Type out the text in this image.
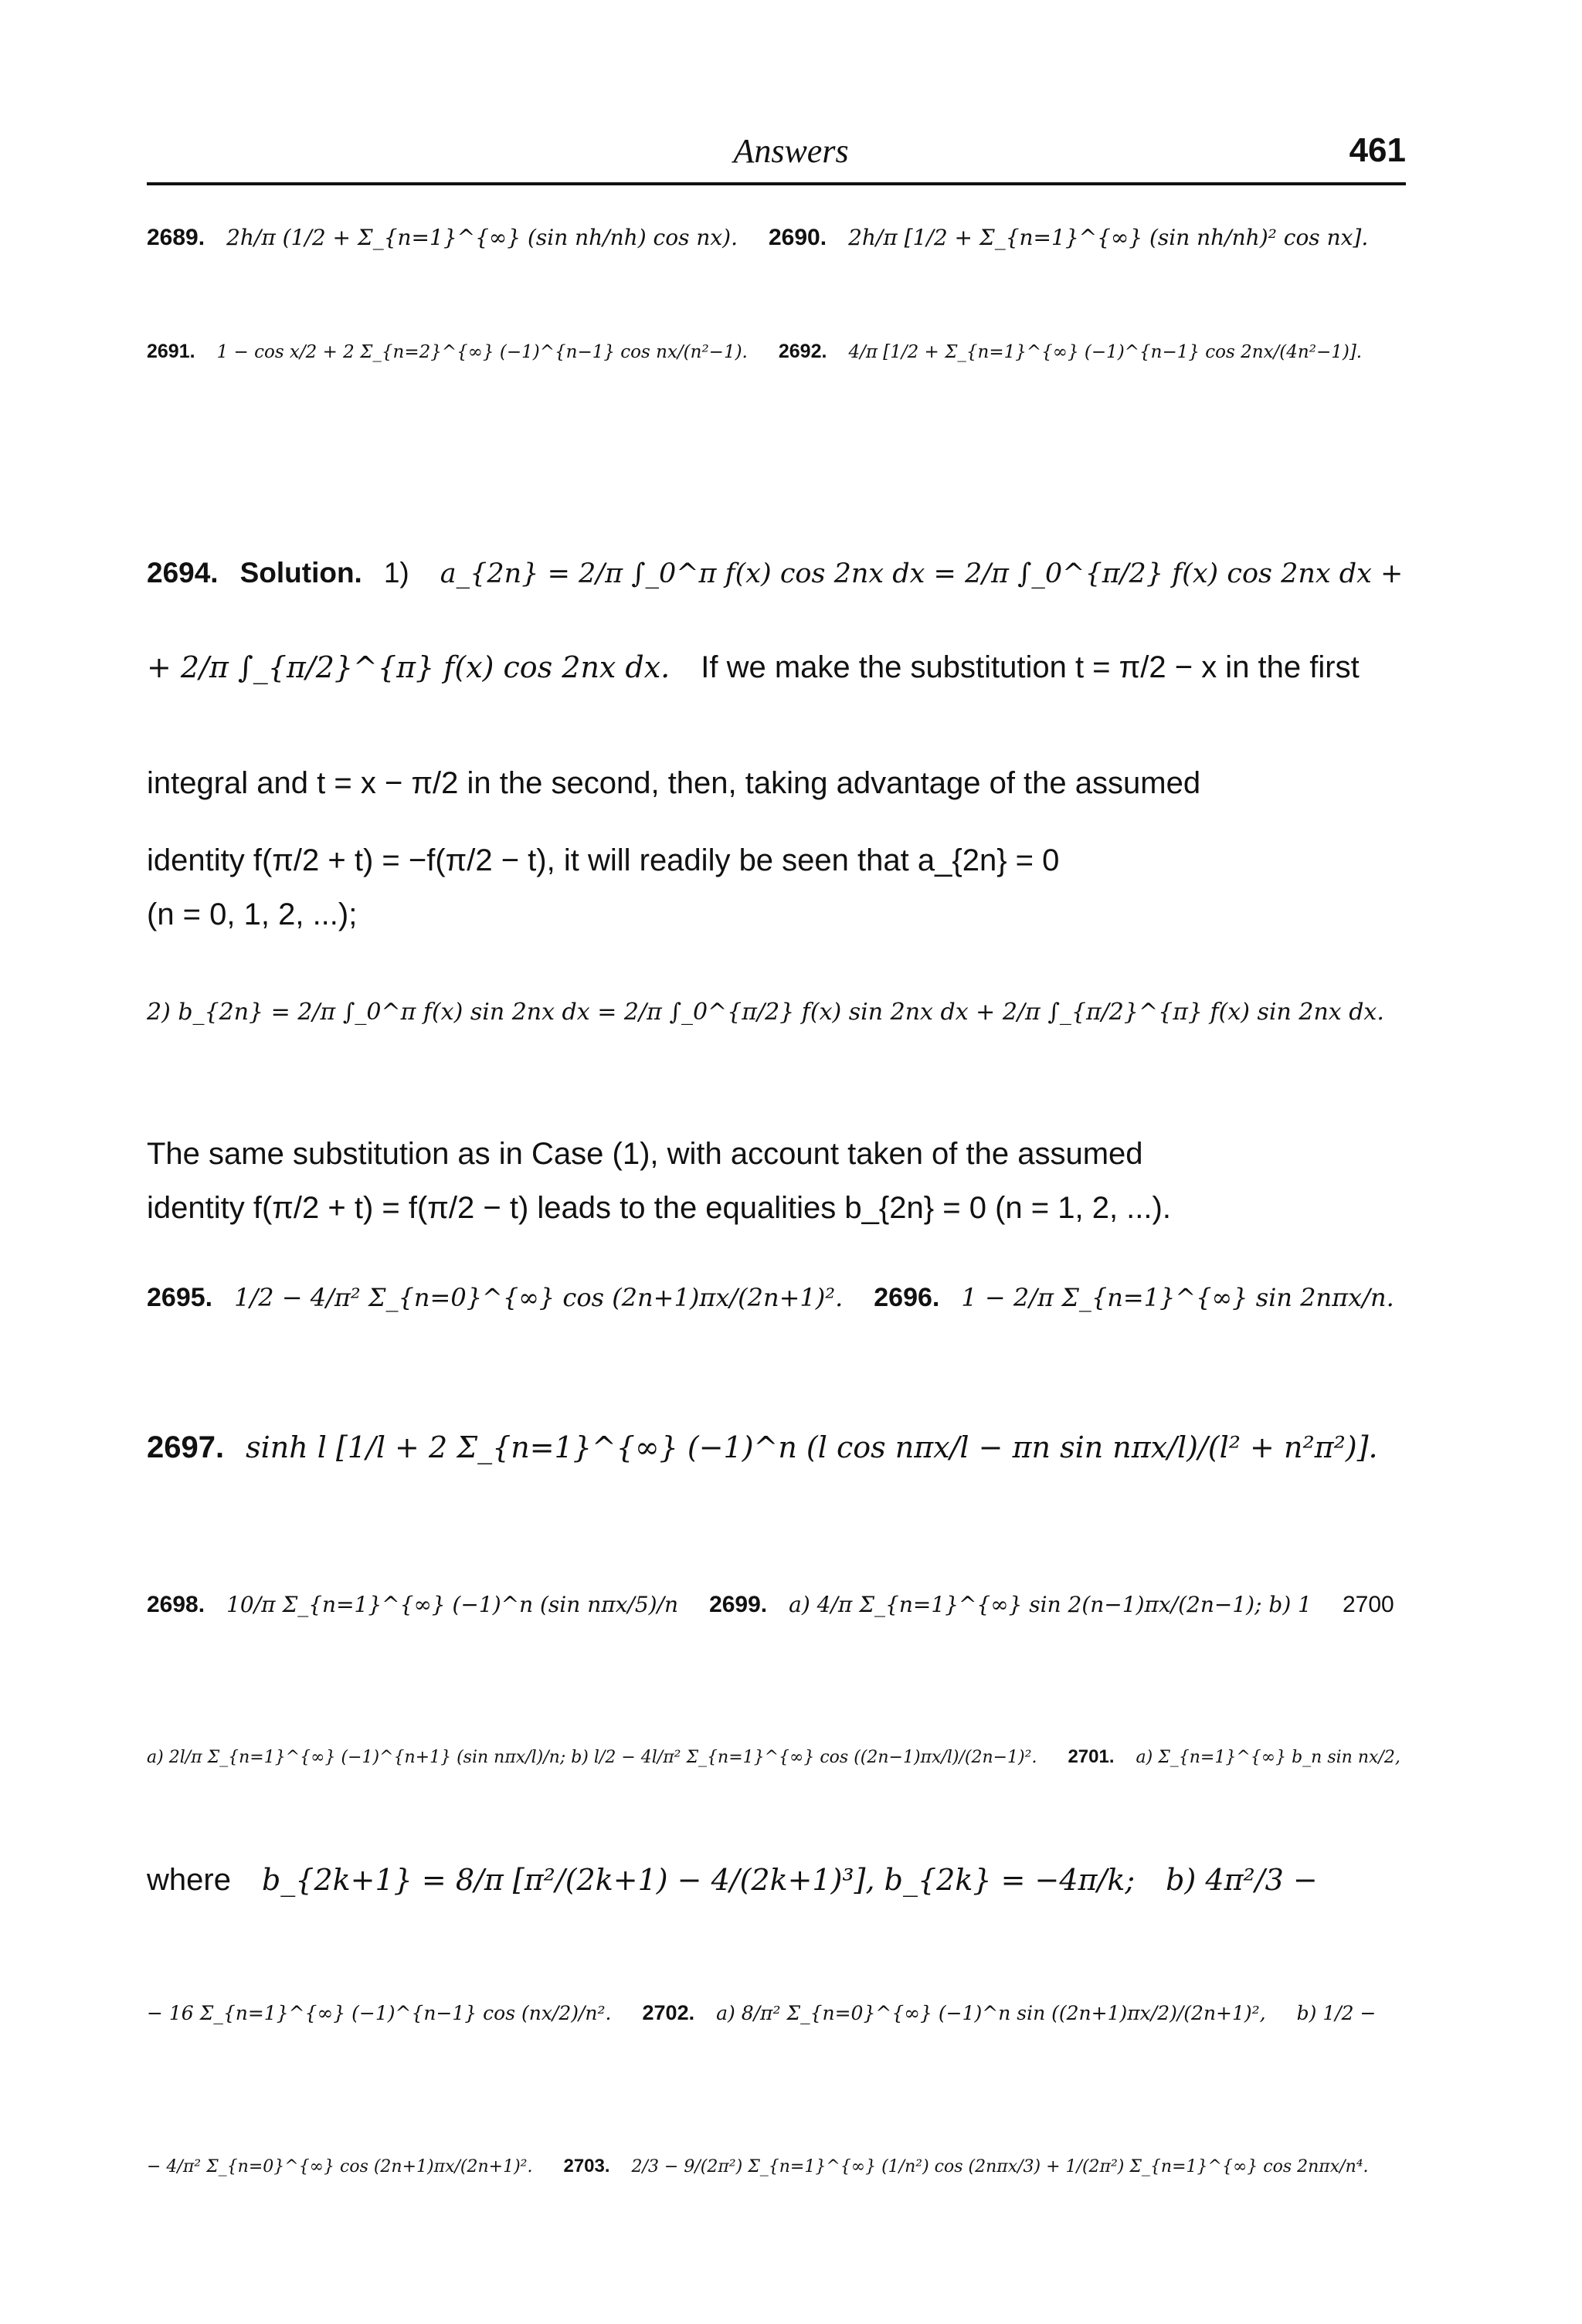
Answers	461
2689. 2h/π (1/2 + Σ_{n=1}^{∞} (sin nh/nh) cos nx). 2690. 2h/π [1/2 + Σ_{n=1}^{∞} (sin nh/nh)² cos nx].
2691. 1 − cos x/2 + 2 Σ_{n=2}^{∞} (−1)^{n−1} cos nx/(n²−1). 2692. 4/π [1/2 + Σ_{n=1}^{∞} (−1)^{n−1} cos 2nx/(4n²−1)].
2694. Solution. 1) a_{2n} = 2/π ∫_0^π f(x) cos 2nx dx = 2/π ∫_0^{π/2} f(x) cos 2nx dx +
+ 2/π ∫_{π/2}^{π} f(x) cos 2nx dx. If we make the substitution t = π/2 − x in the first
integral and t = x − π/2 in the second, then, taking advantage of the assumed
identity f(π/2 + t) = −f(π/2 − t), it will readily be seen that a_{2n} = 0
(n = 0, 1, 2, ...);
2) b_{2n} = 2/π ∫_0^π f(x) sin 2nx dx = 2/π ∫_0^{π/2} f(x) sin 2nx dx + 2/π ∫_{π/2}^{π} f(x) sin 2nx dx.
The same substitution as in Case (1), with account taken of the assumed
identity f(π/2 + t) = f(π/2 − t) leads to the equalities b_{2n} = 0 (n = 1, 2, ...).
2695. 1/2 − 4/π² Σ_{n=0}^{∞} cos (2n+1)πx/(2n+1)². 2696. 1 − 2/π Σ_{n=1}^{∞} sin 2nπx/n.
2697. sinh l [1/l + 2 Σ_{n=1}^{∞} (−1)^n (l cos nπx/l − πn sin nπx/l)/(l² + n²π²)].
2698. 10/π Σ_{n=1}^{∞} (−1)^n (sin nπx/5)/n 2699. a) 4/π Σ_{n=1}^{∞} sin 2(n−1)πx/(2n−1); b) 1 2700
a) 2l/π Σ_{n=1}^{∞} (−1)^{n+1} (sin nπx/l)/n; b) l/2 − 4l/π² Σ_{n=1}^{∞} cos ((2n−1)πx/l)/(2n−1)². 2701. a) Σ_{n=1}^{∞} b_n sin nx/2,
where b_{2k+1} = 8/π [π²/(2k+1) − 4/(2k+1)³], b_{2k} = −4π/k; b) 4π²/3 −
− 16 Σ_{n=1}^{∞} (−1)^{n−1} cos (nx/2)/n². 2702. a) 8/π² Σ_{n=0}^{∞} (−1)^n sin ((2n+1)πx/2)/(2n+1)², b) 1/2 −
− 4/π² Σ_{n=0}^{∞} cos (2n+1)πx/(2n+1)². 2703. 2/3 − 9/(2π²) Σ_{n=1}^{∞} (1/n²) cos (2nπx/3) + 1/(2π²) Σ_{n=1}^{∞} cos 2nπx/n⁴.
